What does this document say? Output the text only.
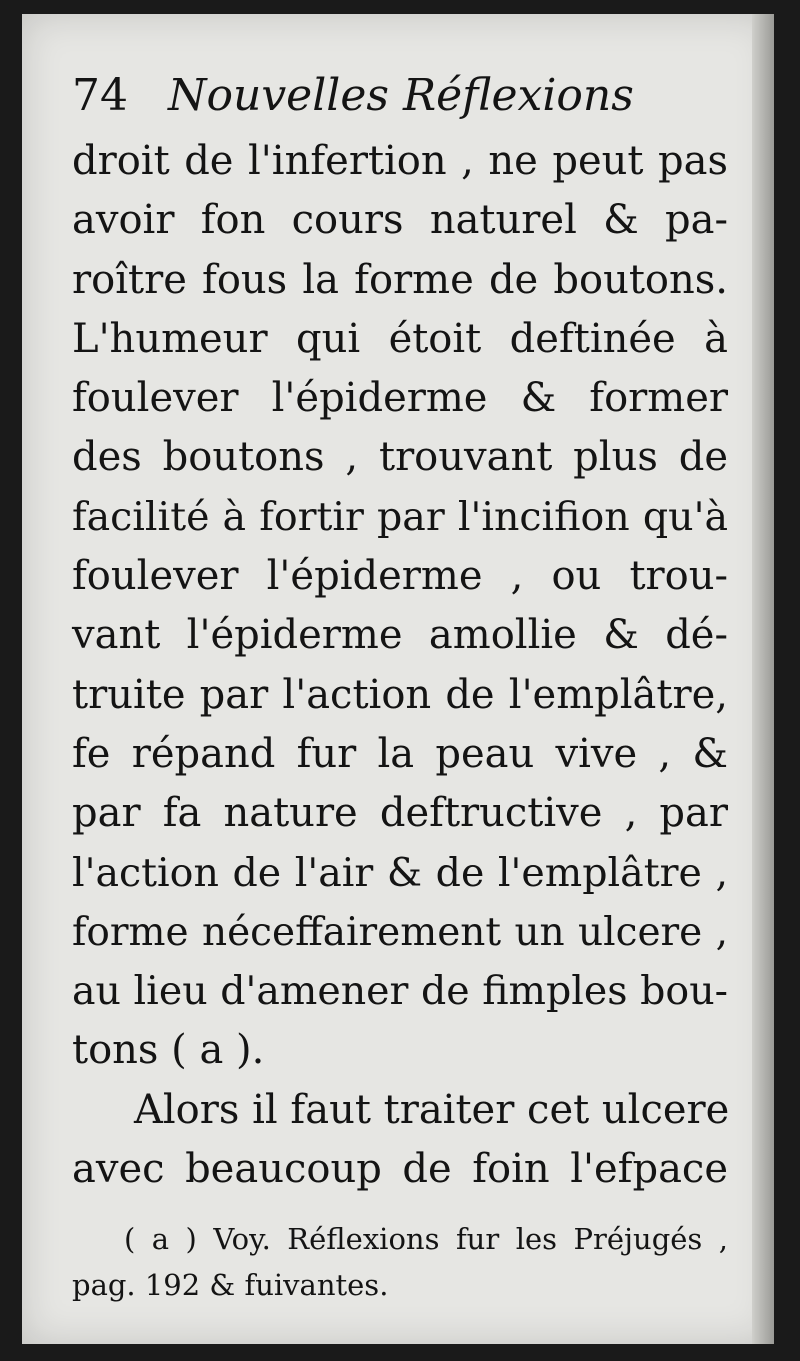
74 Nouvelles Réflexions
droit de l'infertion , ne peut pas
avoir fon cours naturel & pa-
roître fous la forme de boutons.
L'humeur qui étoit deftinée à
foulever l'épiderme & former
des boutons , trouvant plus de
facilité à fortir par l'incifion qu'à
foulever l'épiderme , ou trou-
vant l'épiderme amollie & dé-
truite par l'action de l'emplâtre,
fe répand fur la peau vive , &
par fa nature deftructive , par
l'action de l'air & de l'emplâtre ,
forme néceffairement un ulcere ,
au lieu d'amener de fimples bou-
tons ( a ).
Alors il faut traiter cet ulcere
avec beaucoup de foin l'efpace
( a ) Voy. Réflexions fur les Préjugés ,
pag. 192 & fuivantes.
